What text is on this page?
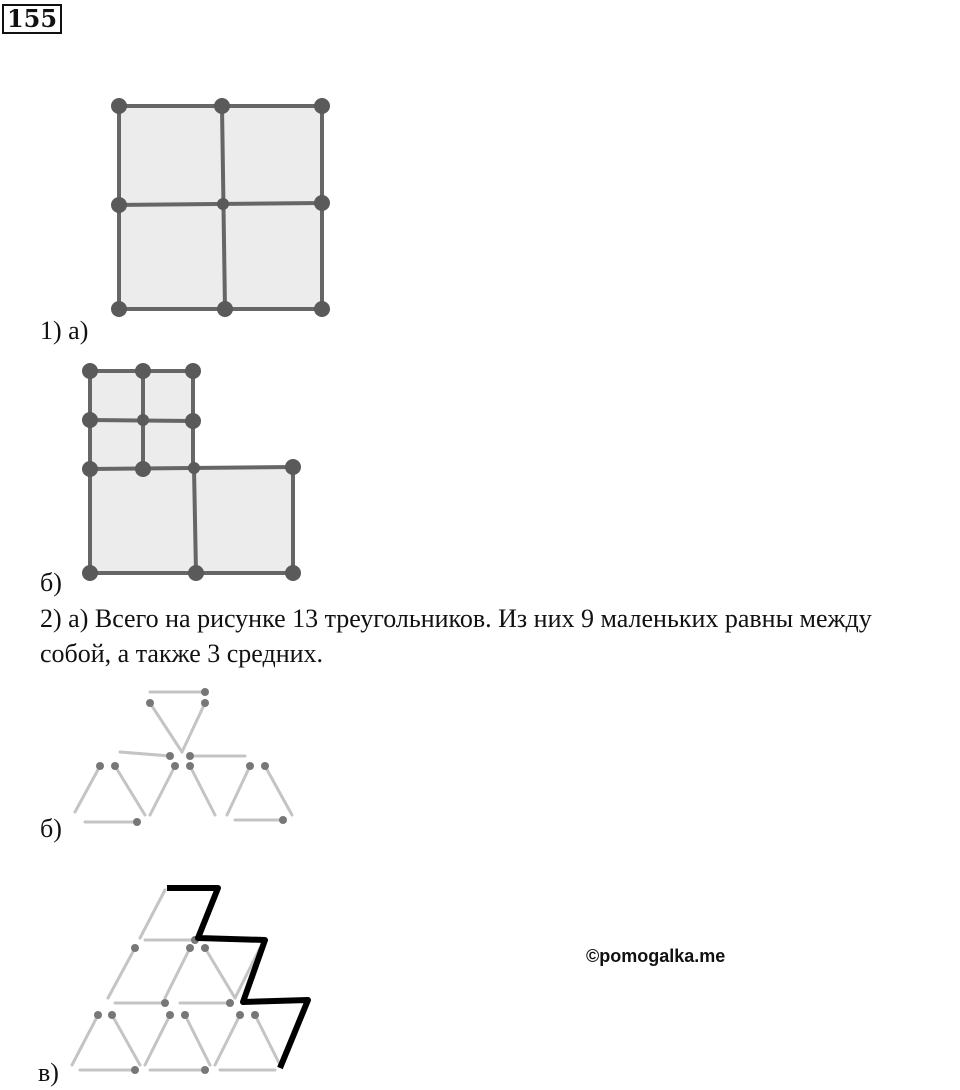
155
1) а)
б)
2) а) Всего на рисунке 13 треугольников. Из них 9 маленьких равны между
собой, а также 3 средних.
б)
в)
©pomogalka.me
